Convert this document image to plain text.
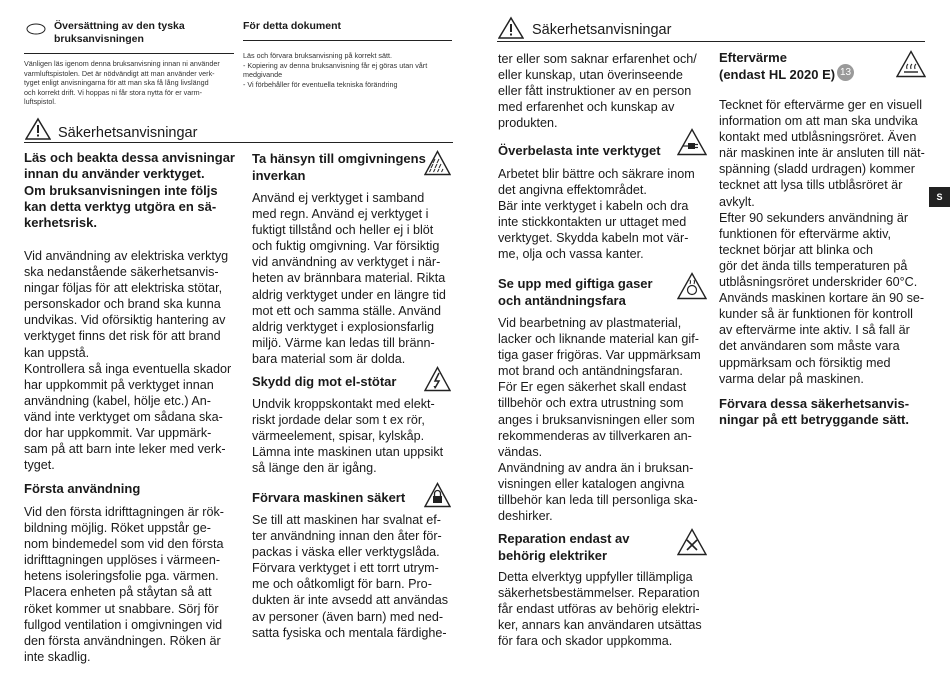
Översättning av den tyska
bruksanvisningen

Vänligen läs igenom denna bruksanvisning innan ni använder
varmluftspistolen. Det är nödvändigt att man använder verk-
tyget enligt anvisningarna för att man ska få lång livslängd
och korrekt drift. Vi hoppas ni får stora nytta för er varm-
luftspistol.

För detta dokument

Läs och förvara bruksanvisning på korrekt sätt.
- Kopiering av denna bruksanvisning får ej göras utan vårt
medgivande
- Vi förbehåller för eventuella tekniska förändring

Säkerhetsanvisningar

Läs och beakta dessa anvisningar
innan du använder verktyget.
Om bruksanvisningen inte följs
kan detta verktyg utgöra en sä-
kerhetsrisk.

Vid användning av elektriska verktyg
ska nedanstående säkerhetsanvis-
ningar följas för att elektriska stötar,
personskador och brand ska kunna
undvikas. Vid oförsiktig hantering av
verktyget finns det risk för att brand
kan uppstå.
Kontrollera så inga eventuella skador
har uppkommit på verktyget innan
användning (kabel, hölje etc.) An-
vänd inte verktyget om sådana ska-
dor har uppkommit. Var uppmärk-
sam på att barn inte leker med verk-
tyget.

Första användning

Vid den första idrifttagningen är rök-
bildning möjlig. Röket uppstår ge-
nom bindemedel som vid den första
idrifttagningen upplöses i värmeen-
hetens isoleringsfolie pga. värmen.
Placera enheten på ståytan så att
röket kommer ut snabbare. Sörj för
fullgod ventilation i omgivningen vid
den första användningen. Röken är
inte skadlig.

Ta hänsyn till omgivningens
inverkan

Använd ej verktyget i samband
med regn. Använd ej verktyget i
fuktigt tillstånd och heller ej i blöt
och fuktig omgivning. Var försiktig
vid användning av verktyget i när-
heten av brännbara material. Rikta
aldrig verktyget under en längre tid
mot ett och samma ställe. Använd
aldrig verktyget i explosionsfarlig
miljö. Värme kan ledas till bränn-
bara material som är dolda.

Skydd dig mot el-stötar

Undvik kroppskontakt med elekt-
riskt jordade delar som t ex rör,
värmeelement, spisar, kylskåp.
Lämna inte maskinen utan uppsikt
så länge den är igång.

Förvara maskinen säkert

Se till att maskinen har svalnat ef-
ter användning innan den åter för-
packas i väska eller verktygslåda.
Förvara verktyget i ett torrt utrym-
me och oåtkomligt för barn. Pro-
dukten är inte avsedd att användas
av personer (även barn) med ned-
satta fysiska och mentala färdighe-

Säkerhetsanvisningar

ter eller som saknar erfarenhet och/
eller kunskap, utan överinseende
eller fått instruktioner av en person
med erfarenhet och kunskap av
produkten.

Överbelasta inte verktyget

Arbetet blir bättre och säkrare inom
det angivna effektområdet.
Bär inte verktyget i kabeln och dra
inte stickkontakten ur uttaget med
verktyget. Skydda kabeln mot vär-
me, olja och vassa kanter.

Se upp med giftiga gaser
och antändningsfara

Vid bearbetning av plastmaterial,
lacker och liknande material kan gif-
tiga gaser frigöras. Var uppmärksam
mot brand och antändningsfaran.
För Er egen säkerhet skall endast
tillbehör och extra utrustning som
anges i bruksanvisningen eller som
rekommenderas av tillverkaren an-
vändas.
Användning av andra än i bruksan-
visningen eller katalogen angivna
tillbehör kan leda till personliga ska-
deshirker.

Reparation endast av
behörig elektriker

Detta elverktyg uppfyller tillämpliga
säkerhetsbestämmelser. Reparation
får endast utföras av behörig elektri-
ker, annars kan användaren utsättas
för fara och skador uppkomma.

Eftervärme
(endast HL 2020 E) 13

Tecknet för eftervärme ger en visuell
information om att man ska undvika
kontakt med utblåsningsröret. Även
när maskinen inte är ansluten till nät-
spänning (sladd urdragen) kommer
tecknet att lysa tills utblåsröret är
avkylt.
Efter 90 sekunders användning är
funktionen för eftervärme aktiv, tecknet börjar att blinka och
gör det ända tills temperaturen på
utblåsningsröret underskrider 60°C.
Används maskinen kortare än 90 se-
kunder så är funktionen för kontroll
av eftervärme inte aktiv. I så fall är
det användaren som måste vara
uppmärksam och försiktig med
varma delar på maskinen.

Förvara dessa säkerhetsanvis-
ningar på ett betryggande sätt.

S
